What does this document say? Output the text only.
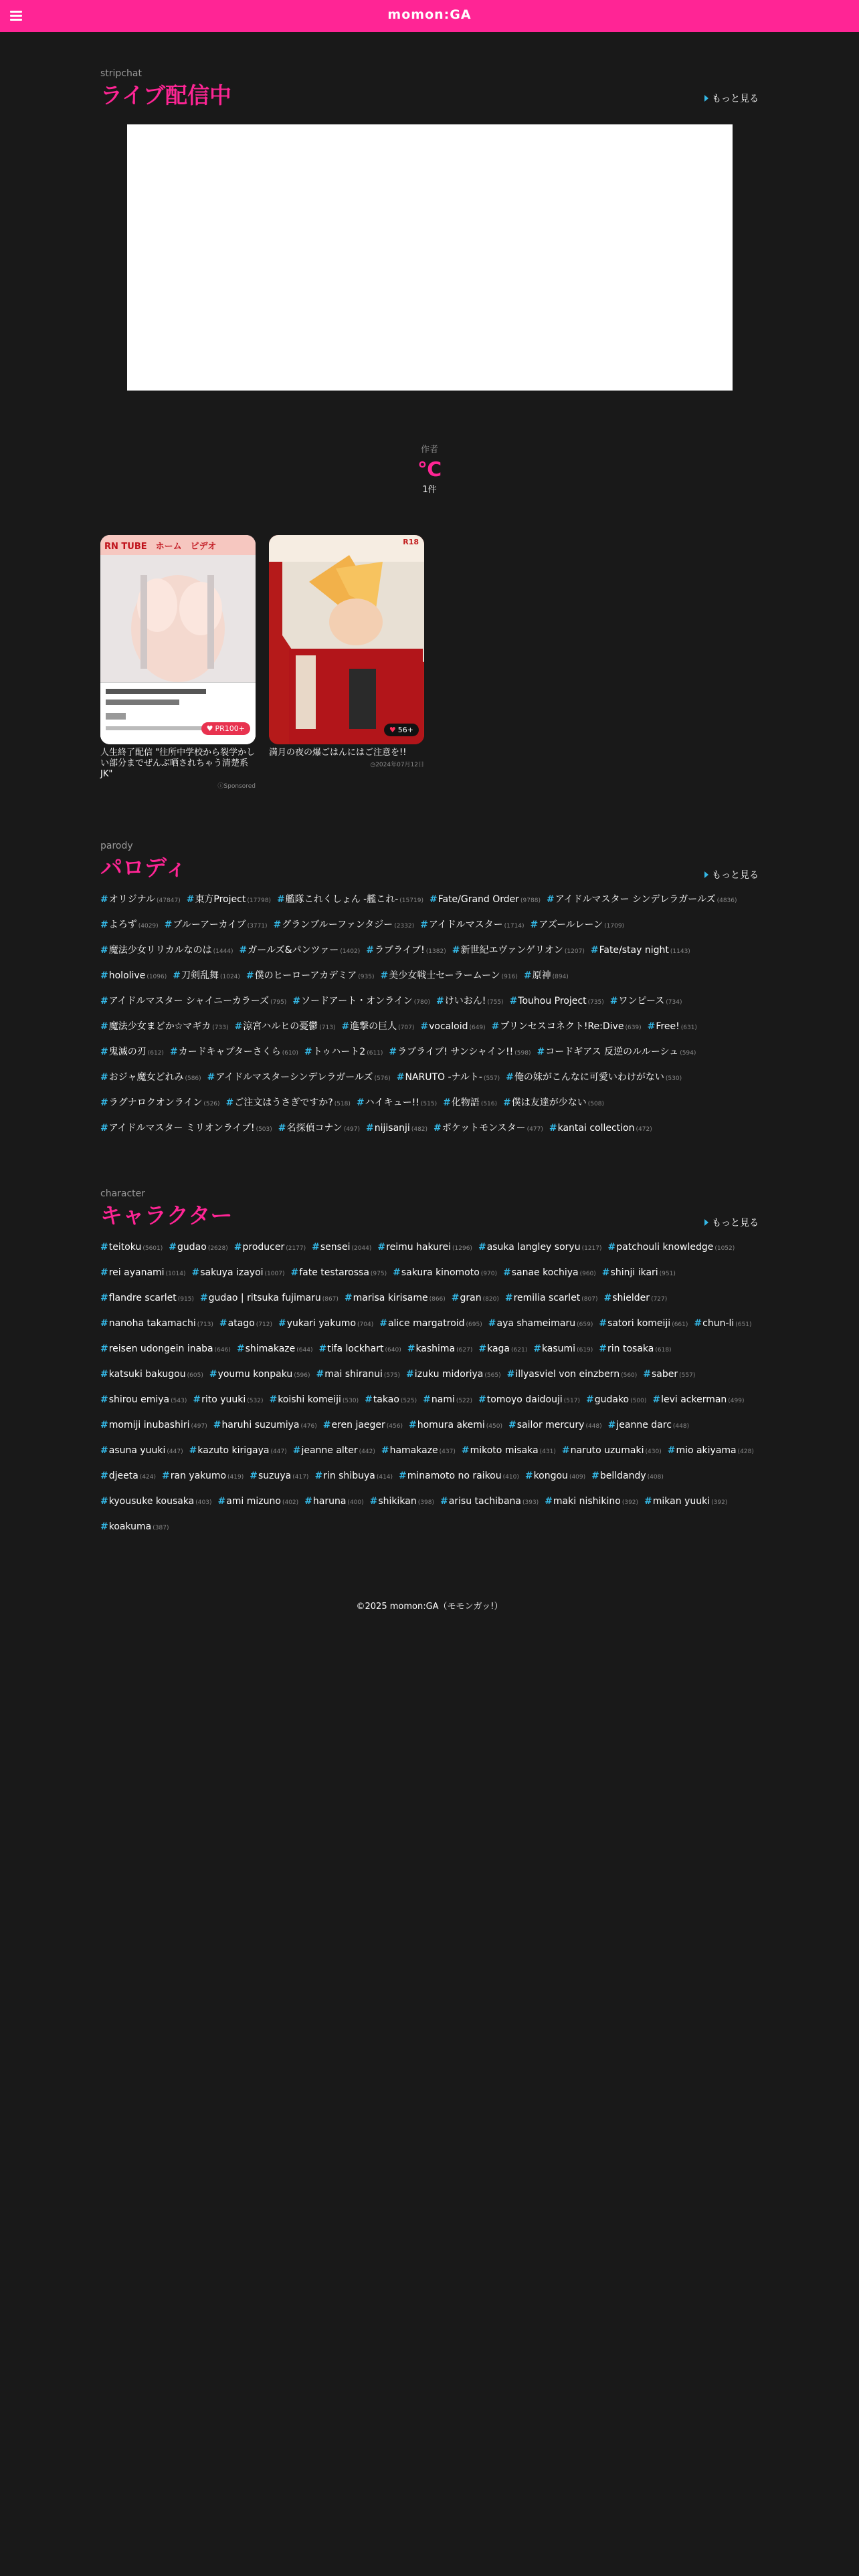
momon:GA
stripchat
ライブ配信中	もっと見る
作者
℃
1件
RN TUBE　ホーム　ビデオ
♥ PR100+
人生終了配信 "往所中学校から裂学かしい部分までぜんぶ晒されちゃう清楚系JK"
ⓘSponsored
R18
♥ 56+
満月の夜の爆ごはんにはご注意を!!
◷2024年07月12日
parody
パロディ	もっと見る
#オリジナル (47847) #東方Project (17798) #艦隊これくしょん -艦これ- (15719) #Fate/Grand Order (9788) #アイドルマスター シンデレラガールズ (4836)
#よろず (4029) #ブルーアーカイブ (3771) #グランブルーファンタジー (2332) #アイドルマスター (1714) #アズールレーン (1709)
#魔法少女リリカルなのは (1444) #ガールズ&パンツァー (1402) #ラブライブ! (1382) #新世紀エヴァンゲリオン (1207) #Fate/stay night (1143)
#hololive (1096) #刀剣乱舞 (1024) #僕のヒーローアカデミア (935) #美少女戦士セーラームーン (916) #原神 (894)
#アイドルマスター シャイニーカラーズ (795) #ソードアート・オンライン (780) #けいおん! (755) #Touhou Project (735) #ワンピース (734)
#魔法少女まどか☆マギカ (733) #涼宮ハルヒの憂鬱 (713) #進撃の巨人 (707) #vocaloid (649) #プリンセスコネクト!Re:Dive (639) #Free! (631)
#鬼滅の刃 (612) #カードキャプターさくら (610) #トゥハート2 (611) #ラブライブ! サンシャイン!! (598) #コードギアス 反逆のルルーシュ (594)
#おジャ魔女どれみ (586) #アイドルマスターシンデレラガールズ (576) #NARUTO -ナルト- (557) #俺の妹がこんなに可愛いわけがない (530)
#ラグナロクオンライン (526) #ご注文はうさぎですか? (518) #ハイキュー!! (515) #化物語 (516) #僕は友達が少ない (508)
#アイドルマスター ミリオンライブ! (503) #名探偵コナン (497) #nijisanji (482) #ポケットモンスター (477) #kantai collection (472)
character
キャラクター	もっと見る
#teitoku (5601) #gudao (2628) #producer (2177) #sensei (2044) #reimu hakurei (1296) #asuka langley soryu (1217) #patchouli knowledge (1052)
#rei ayanami (1014) #sakuya izayoi (1007) #fate testarossa (975) #sakura kinomoto (970) #sanae kochiya (960) #shinji ikari (951)
#flandre scarlet (915) #gudao | ritsuka fujimaru (867) #marisa kirisame (866) #gran (820) #remilia scarlet (807) #shielder (727)
#nanoha takamachi (713) #atago (712) #yukari yakumo (704) #alice margatroid (695) #aya shameimaru (659) #satori komeiji (661) #chun-li (651)
#reisen udongein inaba (646) #shimakaze (644) #tifa lockhart (640) #kashima (627) #kaga (621) #kasumi (619) #rin tosaka (618)
#katsuki bakugou (605) #youmu konpaku (596) #mai shiranui (575) #izuku midoriya (565) #illyasviel von einzbern (560) #saber (557)
#shirou emiya (543) #rito yuuki (532) #koishi komeiji (530) #takao (525) #nami (522) #tomoyo daidouji (517) #gudako (500) #levi ackerman (499)
#momiji inubashiri (497) #haruhi suzumiya (476) #eren jaeger (456) #homura akemi (450) #sailor mercury (448) #jeanne darc (448)
#asuna yuuki (447) #kazuto kirigaya (447) #jeanne alter (442) #hamakaze (437) #mikoto misaka (431) #naruto uzumaki (430) #mio akiyama (428)
#djeeta (424) #ran yakumo (419) #suzuya (417) #rin shibuya (414) #minamoto no raikou (410) #kongou (409) #belldandy (408)
#kyousuke kousaka (403) #ami mizuno (402) #haruna (400) #shikikan (398) #arisu tachibana (393) #maki nishikino (392) #mikan yuuki (392)
#koakuma (387)
©2025 momon:GA（モモンガッ!）
